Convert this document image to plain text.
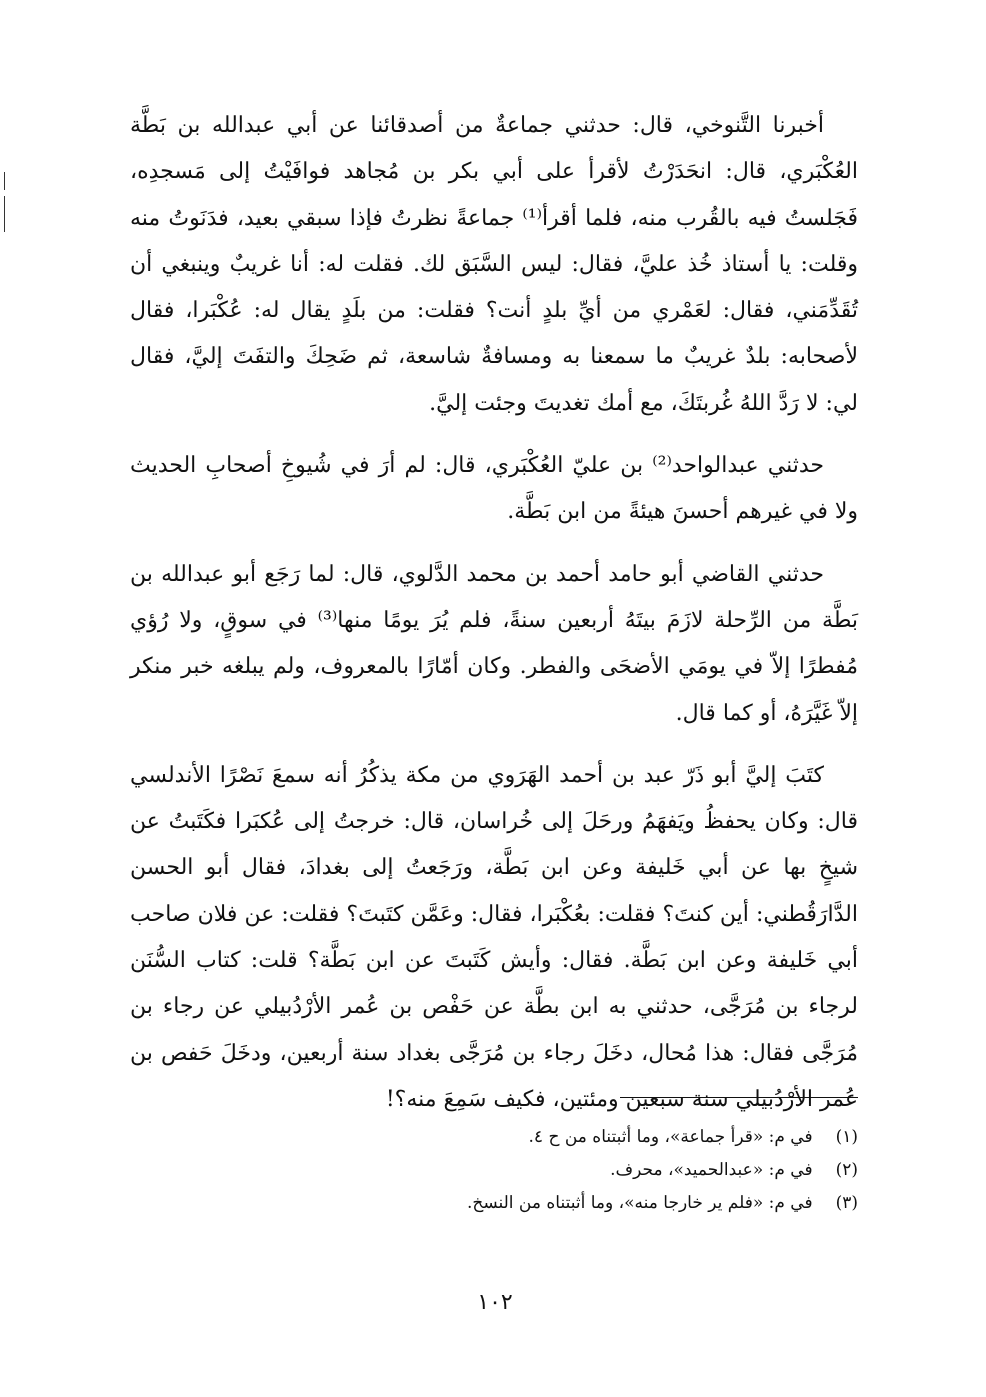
أخبرنا التَّنوخي، قال: حدثني جماعةٌ من أصدقائنا عن أبي عبدالله بن بَطَّة العُكْبَري، قال: انحَدَرْتُ لأقرأ على أبي بكر بن مُجاهد فوافَيْتُ إلى مَسجدِه، فَجَلستُ فيه بالقُرب منه، فلما أقرأ⁽¹⁾ جماعةً نظرتُ فإذا سبقي بعيد، فدَنَوتُ منه وقلت: يا أستاذ خُذ عليَّ، فقال: ليس السَّبَق لك. فقلت له: أنا غريبٌ وينبغي أن تُقَدِّمَني، فقال: لعَمْري من أيِّ بلدٍ أنت؟ فقلت: من بلَدٍ يقال له: عُكْبَرا، فقال لأصحابه: بلدٌ غريبٌ ما سمعنا به ومسافةٌ شاسعة، ثم ضَحِكَ والتفَتَ إليَّ، فقال لي: لا رَدَّ اللهُ غُربتَكَ، مع أمك تغديتَ وجئت إليَّ.

حدثني عبدالواحد⁽²⁾ بن عليّ العُكْبَري، قال: لم أرَ في شُيوخِ أصحابِ الحديث ولا في غيرهم أحسنَ هيئةً من ابن بَطَّة.

حدثني القاضي أبو حامد أحمد بن محمد الدَّلوي، قال: لما رَجَع أبو عبدالله بن بَطَّة من الرِّحلة لازَمَ بيتَهُ أربعين سنةً، فلم يُرَ يومًا منها⁽³⁾ في سوقٍ، ولا رُؤي مُفطرًا إلاّ في يومَي الأضحَى والفطر. وكان أمّارًا بالمعروف، ولم يبلغه خبر منكر إلاّ غَيَّرَهُ، أو كما قال.

كتَبَ إليَّ أبو ذَرّ عبد بن أحمد الهَرَوي من مكة يذكُرُ أنه سمعَ نَصْرًا الأندلسي قال: وكان يحفظُ ويَفهَمُ ورحَلَ إلى خُراسان، قال: خرجتُ إلى عُكبَرا فكَتَبتُ عن شيخٍ بها عن أبي خَليفة وعن ابن بَطَّة، ورَجَعتُ إلى بغدادَ، فقال أبو الحسن الدَّارَقُطني: أين كنتَ؟ فقلت: بعُكْبَرا، فقال: وعَمَّن كتَبتَ؟ فقلت: عن فلان صاحب أبي خَليفة وعن ابن بَطَّة. فقال: وأيش كَتَبتَ عن ابن بَطَّة؟ قلت: كتاب السُّنَن لرجاء بن مُرَجَّى، حدثني به ابن بطَّة عن حَفْص بن عُمر الأرْدُبيلي عن رجاء بن مُرَجَّى فقال: هذا مُحال، دخَلَ رجاء بن مُرَجَّى بغداد سنة أربعين، ودخَلَ حَفص بن عُمر الأرْدُبيلي سنة سبعين ومئتين، فكيف سَمِعَ منه؟!

(١) في م: «قرأ جماعة»، وما أثبتناه من ح ٤.
(٢) في م: «عبدالحميد»، محرف.
(٣) في م: «فلم ير خارجا منه»، وما أثبتناه من النسخ.
١٠٢
